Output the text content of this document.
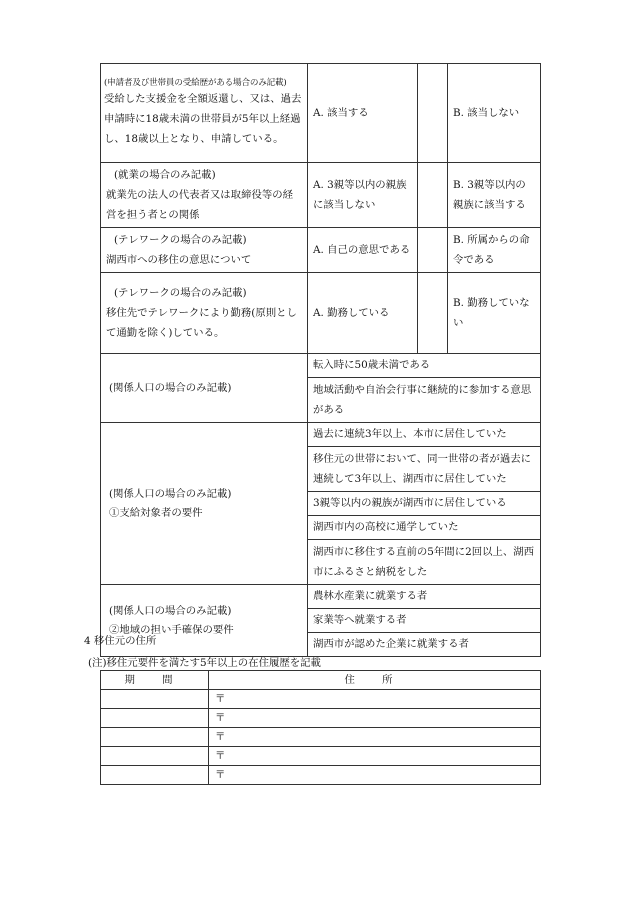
(申請者及び世帯員の受給歴がある場合のみ記載)
受給した支援金を全額返還し、又は、過去申請時に18歳未満の世帯員が5年以上経過し、18歳以上となり、申請している。	A. 該当する		B. 該当しない

(就業の場合のみ記載)
就業先の法人の代表者又は取締役等の経営を担う者との関係	A. 3親等以内の親族に該当しない		B. 3親等以内の親族に該当する

(テレワークの場合のみ記載)
湖西市への移住の意思について	A. 自己の意思である		B. 所属からの命令である

(テレワークの場合のみ記載)
移住先でテレワークにより勤務(原則として通勤を除く)している。	A. 勤務している		B. 勤務していない

(関係人口の場合のみ記載)	転入時に50歳未満である		
	地域活動や自治会行事に継続的に参加する意思がある		

(関係人口の場合のみ記載)
①支給対象者の要件	過去に連続3年以上、本市に居住していた		
	移住元の世帯において、同一世帯の者が過去に連続して3年以上、湖西市に居住していた		
	3親等以内の親族が湖西市に居住している		
	湖西市内の高校に通学していた		
	湖西市に移住する直前の5年間に2回以上、湖西市にふるさと納税をした		

(関係人口の場合のみ記載)
②地域の担い手確保の要件	農林水産業に就業する者		
	家業等へ就業する者		
	湖西市が認めた企業に就業する者		
4 移住元の住所
(注)移住元要件を満たす5年以上の在住履歴を記載
期 間	住 所
	〒
	〒
	〒
	〒
	〒
